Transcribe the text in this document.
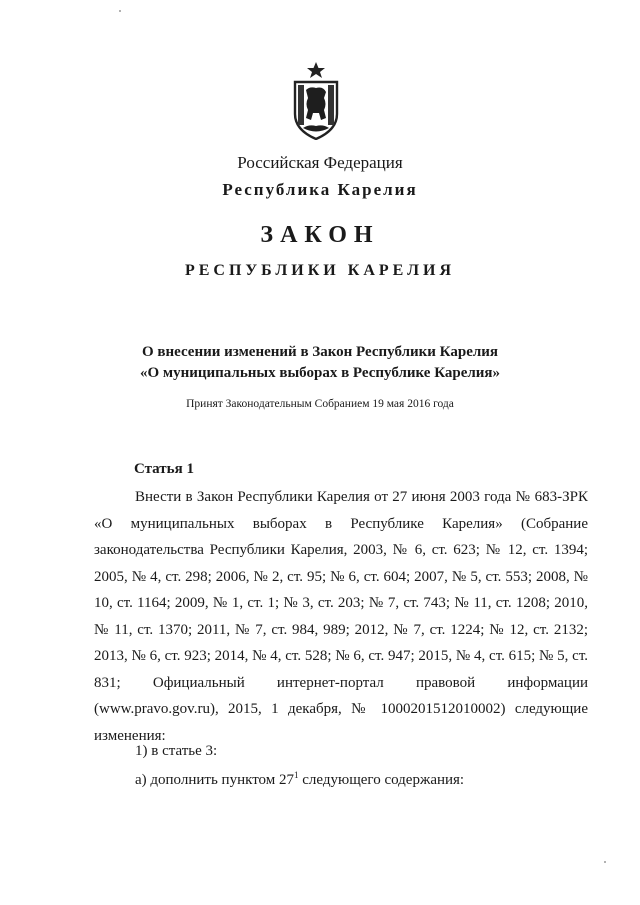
Российская Федерация
Республика Карелия
ЗАКОН
РЕСПУБЛИКИ КАРЕЛИЯ
О внесении изменений в Закон Республики Карелия
«О муниципальных выборах в Республике Карелия»
Принят Законодательным Собранием 19 мая 2016 года
Статья 1

Внести в Закон Республики Карелия от 27 июня 2003 года № 683-ЗРК «О муниципальных выборах в Республике Карелия» (Собрание законодательства Республики Карелия, 2003, № 6, ст. 623; № 12, ст. 1394; 2005, № 4, ст. 298; 2006, № 2, ст. 95; № 6, ст. 604; 2007, № 5, ст. 553; 2008, № 10, ст. 1164; 2009, № 1, ст. 1; № 3, ст. 203; № 7, ст. 743; № 11, ст. 1208; 2010, № 11, ст. 1370; 2011, № 7, ст. 984, 989; 2012, № 7, ст. 1224; № 12, ст. 2132; 2013, № 6, ст. 923; 2014, № 4, ст. 528; № 6, ст. 947; 2015, № 4, ст. 615; № 5, ст. 831; Официальный интернет-портал правовой информации (www.pravo.gov.ru), 2015, 1 декабря, № 1000201512010002) следующие изменения:

1) в статье 3:
а) дополнить пунктом $27^1$ следующего содержания:
